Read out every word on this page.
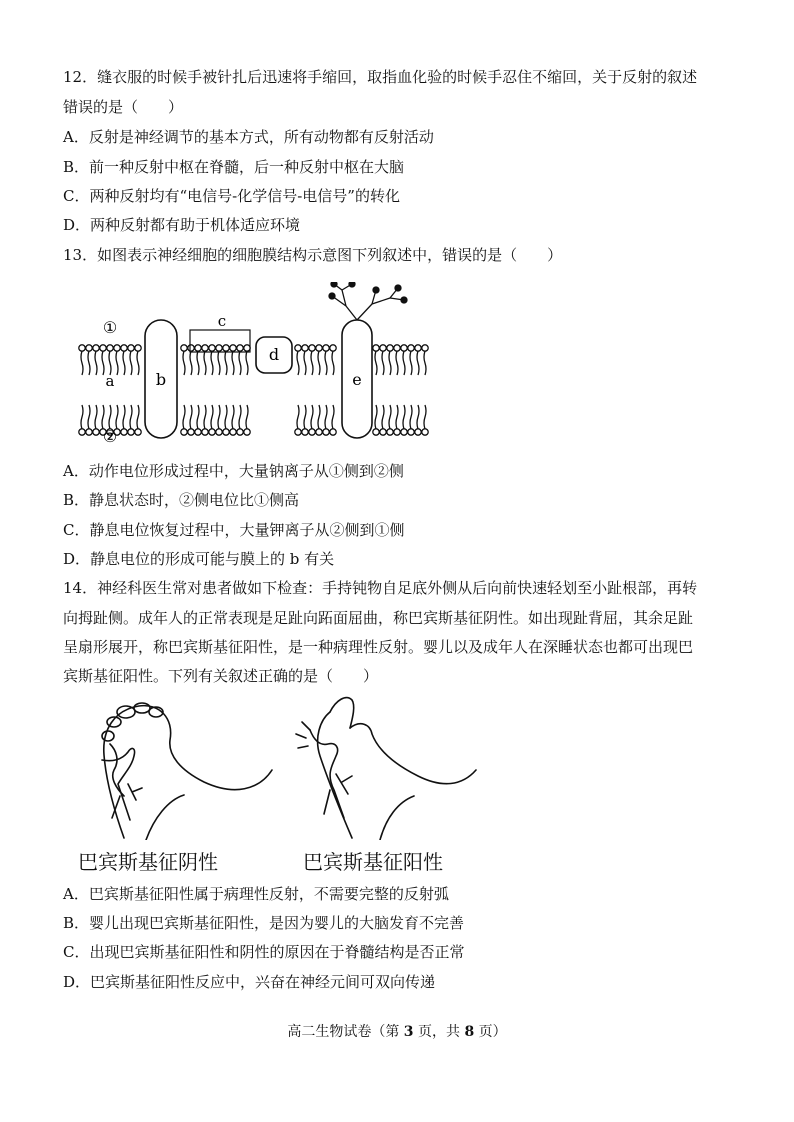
12．缝衣服的时候手被针扎后迅速将手缩回，取指血化验的时候手忍住不缩回，关于反射的叙述
错误的是（　　）
A．反射是神经调节的基本方式，所有动物都有反射活动
B．前一种反射中枢在脊髓，后一种反射中枢在大脑
C．两种反射均有“电信号-化学信号-电信号”的转化
D．两种反射都有助于机体适应环境
13．如图表示神经细胞的细胞膜结构示意图下列叙述中，错误的是（　　）
①
②
a	b
c
d
e
A．动作电位形成过程中，大量钠离子从①侧到②侧
B．静息状态时，②侧电位比①侧高
C．静息电位恢复过程中，大量钾离子从②侧到①侧
D．静息电位的形成可能与膜上的 b 有关
14．神经科医生常对患者做如下检查：手持钝物自足底外侧从后向前快速轻划至小趾根部，再转
向拇趾侧。成年人的正常表现是足趾向跖面屈曲，称巴宾斯基征阴性。如出现趾背屈，其余足趾
呈扇形展开，称巴宾斯基征阳性，是一种病理性反射。婴儿以及成年人在深睡状态也都可出现巴
宾斯基征阳性。下列有关叙述正确的是（　　）
巴宾斯基征阴性	巴宾斯基征阳性
A．巴宾斯基征阳性属于病理性反射，不需要完整的反射弧
B．婴儿出现巴宾斯基征阳性，是因为婴儿的大脑发育不完善
C．出现巴宾斯基征阳性和阴性的原因在于脊髓结构是否正常
D．巴宾斯基征阳性反应中，兴奋在神经元间可双向传递
高二生物试卷（第 3 页，共 8 页）
